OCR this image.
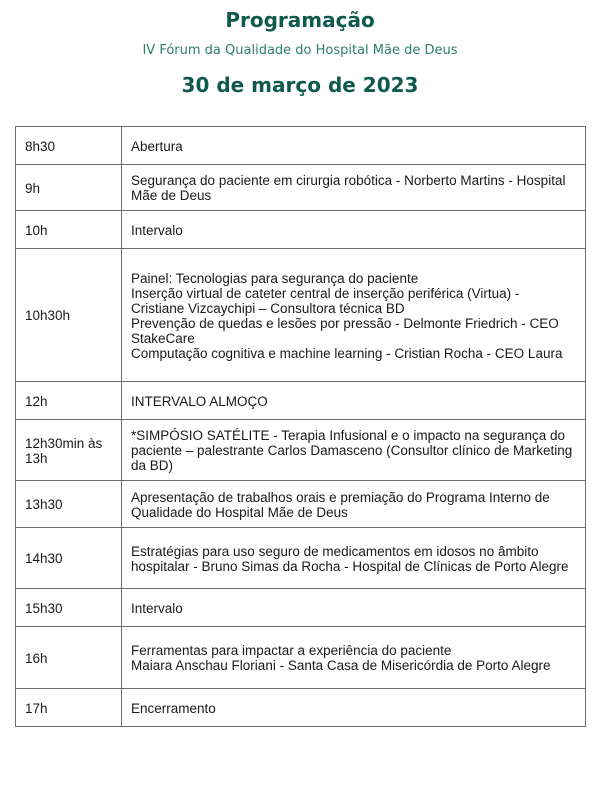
Programação
IV Fórum da Qualidade do Hospital Mãe de Deus
30 de março de 2023
8h30	Abertura

9h	Segurança do paciente em cirurgia robótica - Norberto Martins - Hospital Mãe de Deus

10h	Intervalo

10h30h	Painel: Tecnologias para segurança do paciente
Inserção virtual de cateter central de inserção periférica (Virtua) - Cristiane Vizcaychipi – Consultora técnica BD
Prevenção de quedas e lesões por pressão - Delmonte Friedrich - CEO StakeCare
Computação cognitiva e machine learning - Cristian Rocha - CEO Laura

12h	INTERVALO ALMOÇO

12h30min às 13h	*SIMPÓSIO SATÉLITE - Terapia Infusional e o impacto na segurança do paciente – palestrante Carlos Damasceno (Consultor clínico de Marketing da BD)

13h30	Apresentação de trabalhos orais e premiação do Programa Interno de Qualidade do Hospital Mãe de Deus

14h30	Estratégias para uso seguro de medicamentos em idosos no âmbito hospitalar - Bruno Simas da Rocha - Hospital de Clínicas de Porto Alegre

15h30	Intervalo

16h	Ferramentas para impactar a experiência do paciente
Maiara Anschau Floriani - Santa Casa de Misericórdia de Porto Alegre

17h	Encerramento
